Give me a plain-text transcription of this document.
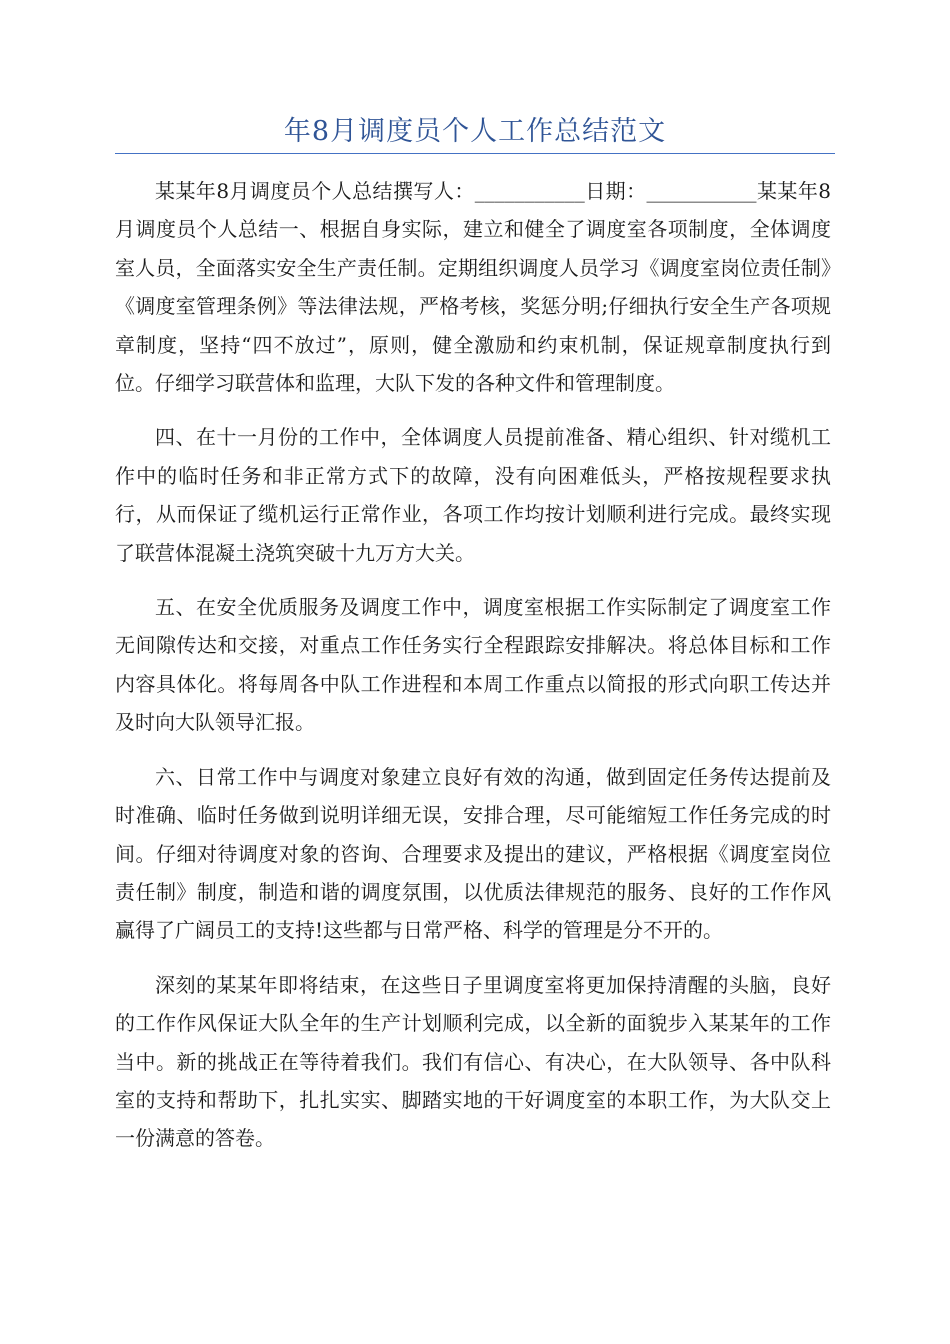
年8月调度员个人工作总结范文

某某年8月调度员个人总结撰写人：___________日期：___________某某年8月调度员个人总结一、根据自身实际，建立和健全了调度室各项制度，全体调度室人员，全面落实安全生产责任制。定期组织调度人员学习《调度室岗位责任制》《调度室管理条例》等法律法规，严格考核，奖惩分明;仔细执行安全生产各项规章制度，坚持“四不放过”，原则，健全激励和约束机制，保证规章制度执行到位。仔细学习联营体和监理，大队下发的各种文件和管理制度。

四、在十一月份的工作中，全体调度人员提前准备、精心组织、针对缆机工作中的临时任务和非正常方式下的故障，没有向困难低头，严格按规程要求执行，从而保证了缆机运行正常作业，各项工作均按计划顺利进行完成。最终实现了联营体混凝土浇筑突破十九万方大关。

五、在安全优质服务及调度工作中，调度室根据工作实际制定了调度室工作无间隙传达和交接，对重点工作任务实行全程跟踪安排解决。将总体目标和工作内容具体化。将每周各中队工作进程和本周工作重点以简报的形式向职工传达并及时向大队领导汇报。

六、日常工作中与调度对象建立良好有效的沟通，做到固定任务传达提前及时准确、临时任务做到说明详细无误，安排合理，尽可能缩短工作任务完成的时间。仔细对待调度对象的咨询、合理要求及提出的建议，严格根据《调度室岗位责任制》制度，制造和谐的调度氛围，以优质法律规范的服务、良好的工作作风赢得了广阔员工的支持!这些都与日常严格、科学的管理是分不开的。

深刻的某某年即将结束，在这些日子里调度室将更加保持清醒的头脑，良好的工作作风保证大队全年的生产计划顺利完成，以全新的面貌步入某某年的工作当中。新的挑战正在等待着我们。我们有信心、有决心，在大队领导、各中队科室的支持和帮助下，扎扎实实、脚踏实地的干好调度室的本职工作，为大队交上一份满意的答卷。
